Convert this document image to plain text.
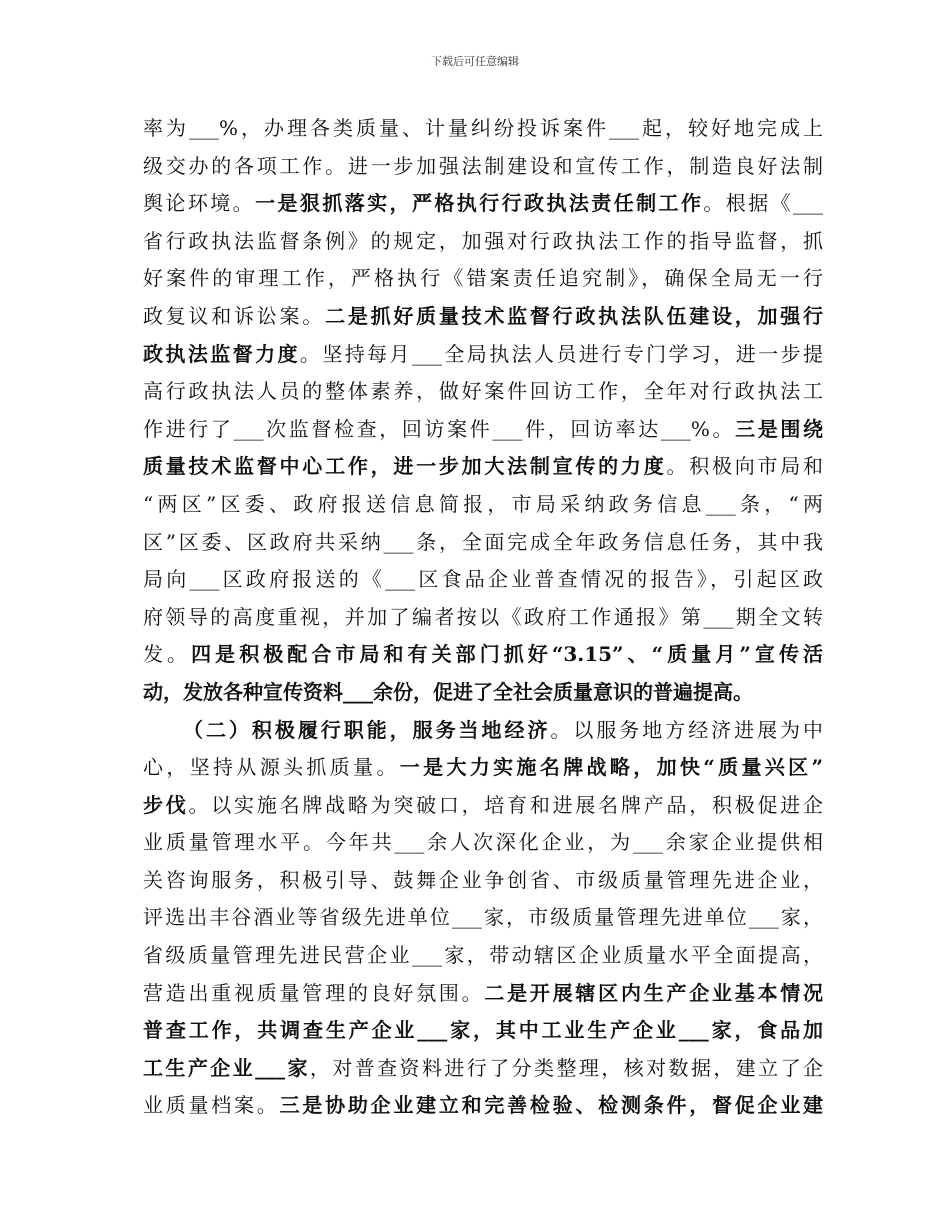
下载后可任意编辑
率为___%，办理各类质量、计量纠纷投诉案件___起，较好地完成上
级交办的各项工作。进一步加强法制建设和宣传工作，制造良好法制
舆论环境。一是狠抓落实，严格执行行政执法责任制工作。根据《___
省行政执法监督条例》的规定，加强对行政执法工作的指导监督，抓
好案件的审理工作，严格执行《错案责任追究制》，确保全局无一行
政复议和诉讼案。二是抓好质量技术监督行政执法队伍建设，加强行
政执法监督力度。坚持每月___全局执法人员进行专门学习，进一步提
高行政执法人员的整体素养，做好案件回访工作，全年对行政执法工
作进行了___次监督检查，回访案件___件，回访率达___%。三是围绕
质量技术监督中心工作，进一步加大法制宣传的力度。积极向市局和
“两区”区委、政府报送信息简报，市局采纳政务信息___条，“两
区”区委、区政府共采纳___条，全面完成全年政务信息任务，其中我
局向___区政府报送的《___区食品企业普查情况的报告》，引起区政
府领导的高度重视，并加了编者按以《政府工作通报》第___期全文转
发。四是积极配合市局和有关部门抓好“3.15”、“质量月”宣传活
动，发放各种宣传资料___余份，促进了全社会质量意识的普遍提高。
（二）积极履行职能，服务当地经济。以服务地方经济进展为中
心，坚持从源头抓质量。一是大力实施名牌战略，加快“质量兴区”
步伐。以实施名牌战略为突破口，培育和进展名牌产品，积极促进企
业质量管理水平。今年共___余人次深化企业，为___余家企业提供相
关咨询服务，积极引导、鼓舞企业争创省、市级质量管理先进企业，
评选出丰谷酒业等省级先进单位___家，市级质量管理先进单位___家，
省级质量管理先进民营企业___家，带动辖区企业质量水平全面提高，
营造出重视质量管理的良好氛围。二是开展辖区内生产企业基本情况
普查工作，共调查生产企业___家，其中工业生产企业___家，食品加
工生产企业___家，对普查资料进行了分类整理，核对数据，建立了企
业质量档案。三是协助企业建立和完善检验、检测条件，督促企业建
